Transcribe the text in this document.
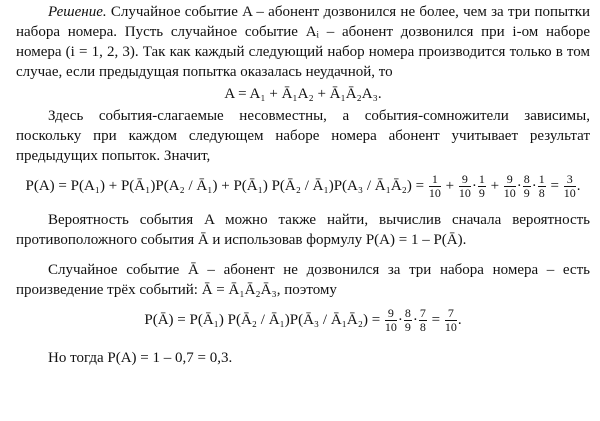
Решение. Случайное событие A – абонент дозвонился не более, чем за три попытки набора номера. Пусть случайное событие Aᵢ – абонент дозвонился при i-ом наборе номера (i = 1, 2, 3). Так как каждый следующий набор номера производится только в том случае, если предыдущая попытка оказалась неудачной, то

A = A₁ + Ā₁A₂ + Ā₁Ā₂A₃.

Здесь события-слагаемые несовместны, а события-сомножители зависимы, поскольку при каждом следующем наборе номера абонент учитывает результат предыдущих попыток. Значит,

P(A) = P(A₁) + P(Ā₁)P(A₂ / Ā₁) + P(Ā₁) P(Ā₂ / Ā₁)P(A₃ / Ā₁Ā₂) = $\frac{1}{10} + \frac{9}{10} \cdot \frac{1}{9} + \frac{9}{10} \cdot \frac{8}{9} \cdot \frac{1}{8} = \frac{3}{10}$ .

Вероятность события A можно также найти, вычислив сначала вероятность противоположного события Ā и использовав формулу P(A) = 1 – P(Ā).

Случайное событие Ā – абонент не дозвонился за три набора номера – есть произведение трёх событий: Ā = Ā₁Ā₂Ā₃, поэтому

P(Ā) = P(Ā₁) P(Ā₂ / Ā₁)P(Ā₃ / Ā₁Ā₂) = $\frac{9}{10} \cdot \frac{8}{9} \cdot \frac{7}{8} = \frac{7}{10}$ .

Но тогда P(A) = 1 – 0,7 = 0,3.
